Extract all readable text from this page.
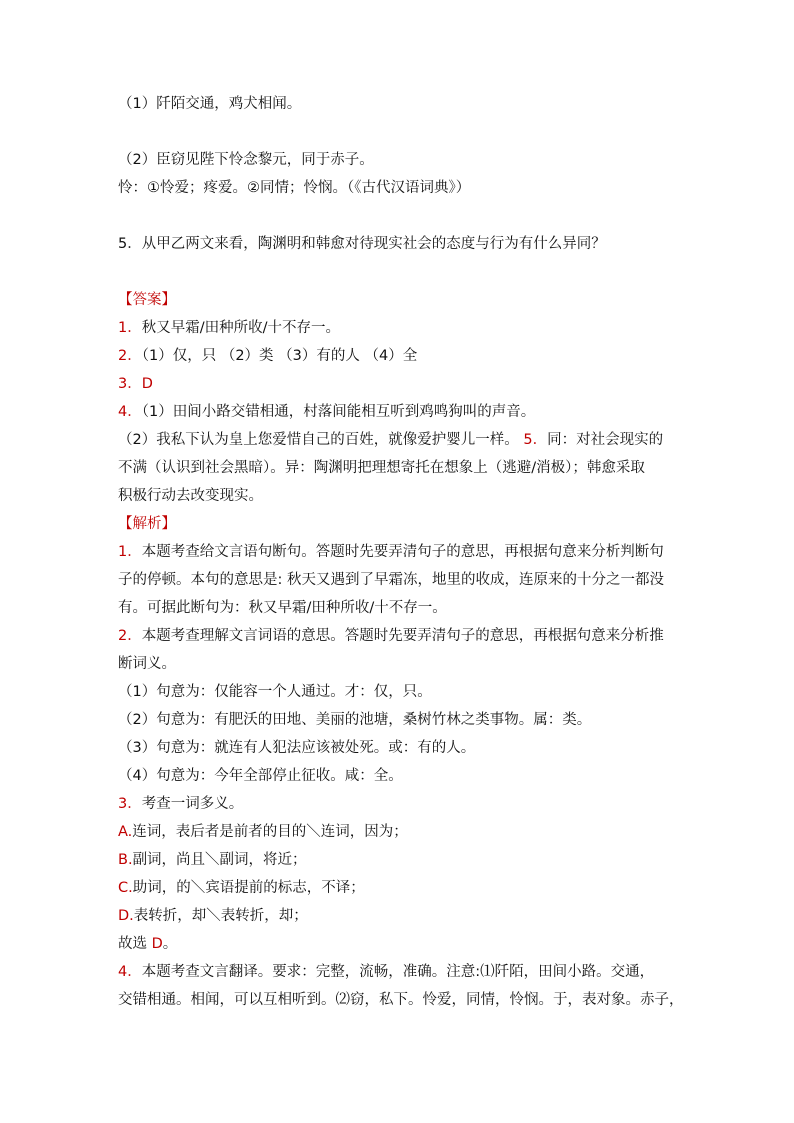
（1）阡陌交通，鸡犬相闻。
（2）臣窃见陛下怜念黎元，同于赤子。
怜：①怜爱；疼爱。②同情；怜悯。（《古代汉语词典》）
5．从甲乙两文来看，陶渊明和韩愈对待现实社会的态度与行为有什么异同？
【答案】
1．秋又早霜/田种所收/十不存一。
2．（1）仅，只 （2）类 （3）有的人 （4）全
3．D
4．（1）田间小路交错相通，村落间能相互听到鸡鸣狗叫的声音。
（2）我私下认为皇上您爱惜自己的百姓，就像爱护婴儿一样。 5．同：对社会现实的
不满（认识到社会黑暗）。异：陶渊明把理想寄托在想象上（逃避/消极）；韩愈采取
积极行动去改变现实。
【解析】
1．本题考查给文言语句断句。答题时先要弄清句子的意思，再根据句意来分析判断句
子的停顿。本句的意思是: 秋天又遇到了早霜冻，地里的收成，连原来的十分之一都没
有。可据此断句为：秋又早霜/田种所收/十不存一。
2．本题考查理解文言词语的意思。答题时先要弄清句子的意思，再根据句意来分析推
断词义。
（1）句意为：仅能容一个人通过。才：仅，只。
（2）句意为：有肥沃的田地、美丽的池塘，桑树竹林之类事物。属：类。
（3）句意为：就连有人犯法应该被处死。或：有的人。
（4）句意为：今年全部停止征收。咸：全。
3．考查一词多义。
A.连词，表后者是前者的目的＼连词，因为；
B.副词，尚且＼副词，将近；
C.助词，的＼宾语提前的标志，不译；
D.表转折，却＼表转折，却；
故选 D。
4．本题考查文言翻译。要求：完整，流畅，准确。注意:⑴阡陌，田间小路。交通，
交错相通。相闻，可以互相听到。⑵窃，私下。怜爱，同情，怜悯。于，表对象。赤子，
